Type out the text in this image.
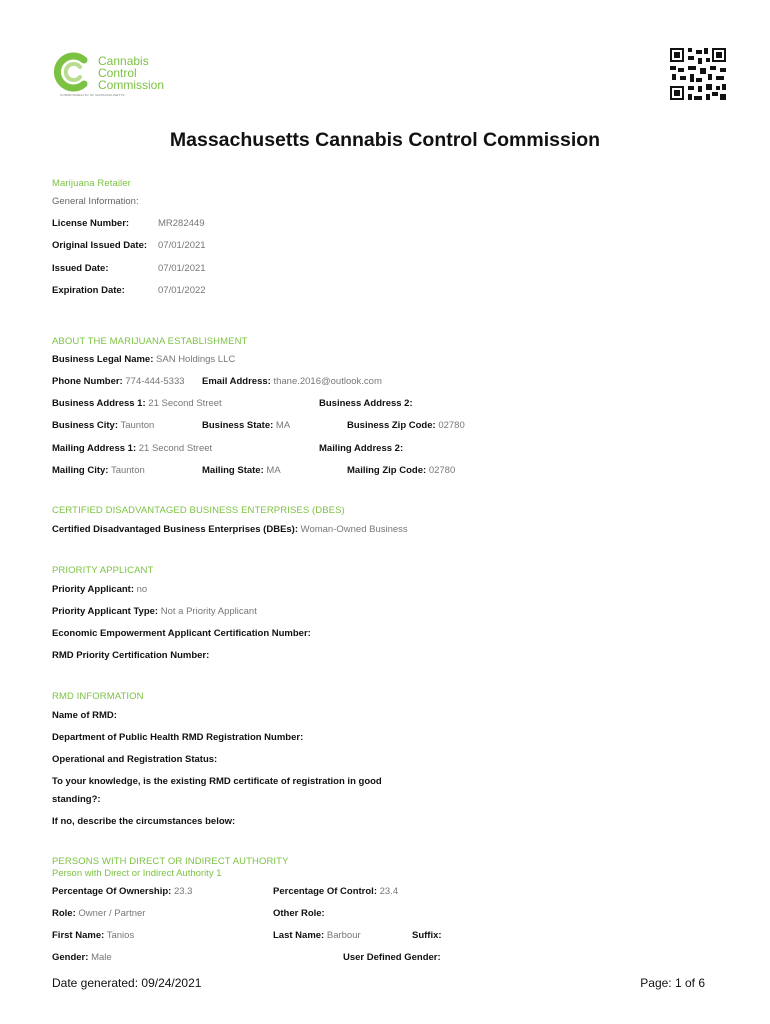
Cannabis
Control
Commission
COMMONWEALTH OF MASSACHUSETTS
Massachusetts Cannabis Control Commission
Marijuana Retailer
General Information:
License Number:	MR282449
Original Issued Date: 07/01/2021
Issued Date:	07/01/2021
Expiration Date:	07/01/2022
ABOUT THE MARIJUANA ESTABLISHMENT
Business Legal Name: SAN Holdings LLC
Phone Number: 774-444-5333 Email Address: thane.2016@outlook.com
Business Address 1: 21 Second Street	Business Address 2:
Business City: Taunton	Business State: MA	Business Zip Code: 02780
Mailing Address 1: 21 Second Street	Mailing Address 2:
Mailing City: Taunton	Mailing State: MA	Mailing Zip Code: 02780
CERTIFIED DISADVANTAGED BUSINESS ENTERPRISES (DBES)
Certified Disadvantaged Business Enterprises (DBEs): Woman-Owned Business
PRIORITY APPLICANT
Priority Applicant: no
Priority Applicant Type: Not a Priority Applicant
Economic Empowerment Applicant Certification Number:
RMD Priority Certification Number:
RMD INFORMATION
Name of RMD:
Department of Public Health RMD Registration Number:
Operational and Registration Status:
To your knowledge, is the existing RMD certificate of registration in good
standing?:
If no, describe the circumstances below:
PERSONS WITH DIRECT OR INDIRECT AUTHORITY
Person with Direct or Indirect Authority 1
Percentage Of Ownership: 23.3	Percentage Of Control: 23.4
Role: Owner / Partner	Other Role:
First Name: Tanios	Last Name: Barbour	Suffix:
Gender: Male	User Defined Gender:
Date generated: 09/24/2021	Page: 1 of 6
